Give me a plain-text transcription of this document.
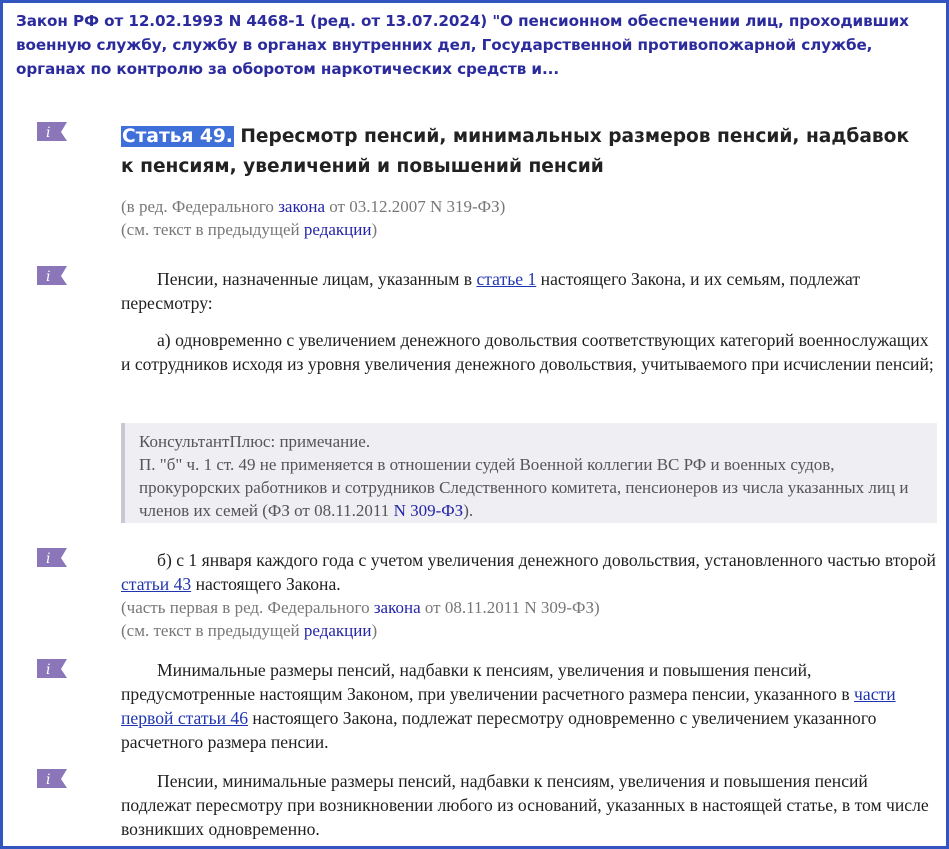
Закон РФ от 12.02.1993 N 4468-1 (ред. от 13.07.2024) "О пенсионном обеспечении лиц, проходивших военную службу, службу в органах внутренних дел, Государственной противопожарной службе, органах по контролю за оборотом наркотических средств и...
i
i
i
i
i
Статья 49. Пересмотр пенсий, минимальных размеров пенсий, надбавок к пенсиям, увеличений и повышений пенсий
(в ред. Федерального закона от 03.12.2007 N 319-ФЗ)
(см. текст в предыдущей редакции)
Пенсии, назначенные лицам, указанным в статье 1 настоящего Закона, и их семьям, подлежат пересмотру:
а) одновременно с увеличением денежного довольствия соответствующих категорий военнослужащих и сотрудников исходя из уровня увеличения денежного довольствия, учитываемого при исчислении пенсий;
КонсультантПлюс: примечание.
П. "б" ч. 1 ст. 49 не применяется в отношении судей Военной коллегии ВС РФ и военных судов, прокурорских работников и сотрудников Следственного комитета, пенсионеров из числа указанных лиц и членов их семей (ФЗ от 08.11.2011 N 309-ФЗ).
б) с 1 января каждого года с учетом увеличения денежного довольствия, установленного частью второй статьи 43 настоящего Закона.
(часть первая в ред. Федерального закона от 08.11.2011 N 309-ФЗ)
(см. текст в предыдущей редакции)
Минимальные размеры пенсий, надбавки к пенсиям, увеличения и повышения пенсий, предусмотренные настоящим Законом, при увеличении расчетного размера пенсии, указанного в части первой статьи 46 настоящего Закона, подлежат пересмотру одновременно с увеличением указанного расчетного размера пенсии.
Пенсии, минимальные размеры пенсий, надбавки к пенсиям, увеличения и повышения пенсий подлежат пересмотру при возникновении любого из оснований, указанных в настоящей статье, в том числе возникших одновременно.
